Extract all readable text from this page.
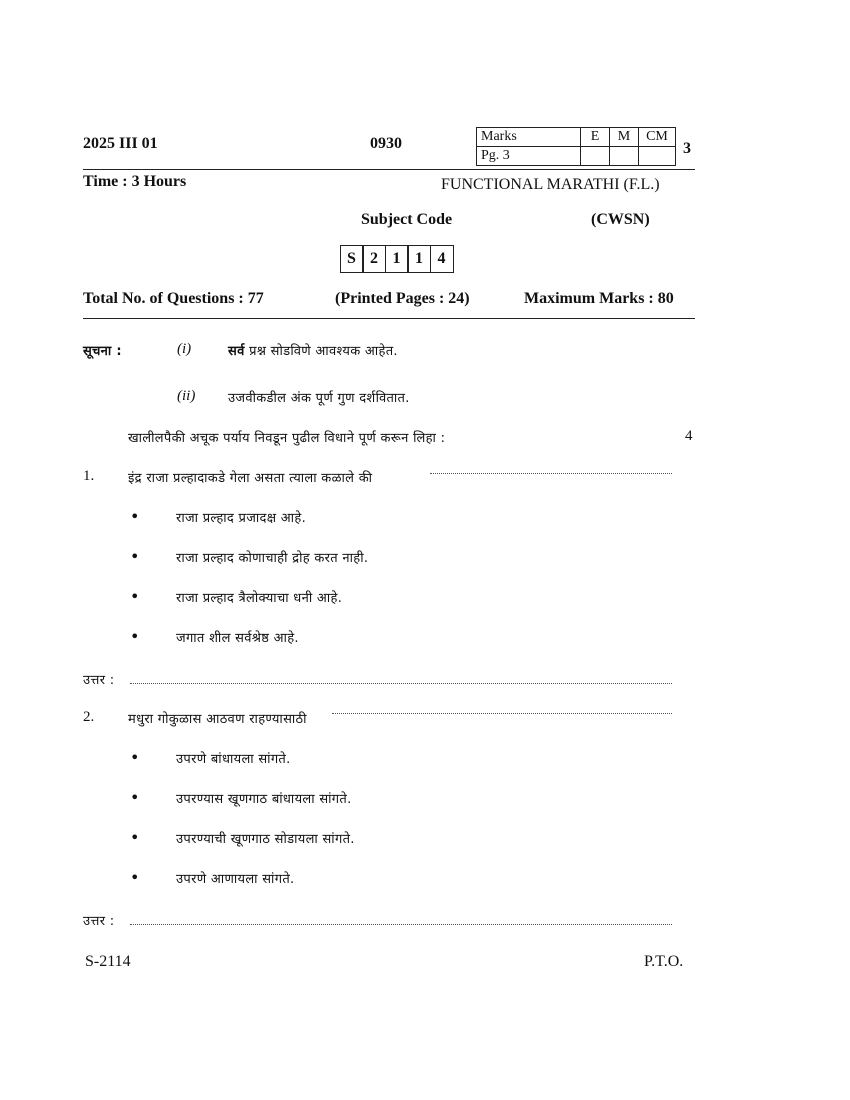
2025 III 01	0930	Marks	E	M	CM
Pg. 3				3
Time : 3 Hours	FUNCTIONAL MARATHI (F.L.)
Subject Code	(CWSN)
S 2 1 1 4
Total No. of Questions : 77	(Printed Pages : 24)	Maximum Marks : 80
सूचना :	(i)	सर्व प्रश्न सोडविणे आवश्यक आहेत.
(ii)	उजवीकडील अंक पूर्ण गुण दर्शवितात.
खालीलपैकी अचूक पर्याय निवडून पुढील विधाने पूर्ण करून लिहा :	4
1.	इंद्र राजा प्रल्हादाकडे गेला असता त्याला कळाले की
•	राजा प्रल्हाद प्रजादक्ष आहे.
•	राजा प्रल्हाद कोणाचाही द्रोह करत नाही.
•	राजा प्रल्हाद त्रैलोक्याचा धनी आहे.
•	जगात शील सर्वश्रेष्ठ आहे.
उत्तर :
2.	मधुरा गोकुळास आठवण राहण्यासाठी
•	उपरणे बांधायला सांगते.
•	उपरण्यास खूणगाठ बांधायला सांगते.
•	उपरण्याची खूणगाठ सोडायला सांगते.
•	उपरणे आणायला सांगते.
उत्तर :
S-2114	P.T.O.
